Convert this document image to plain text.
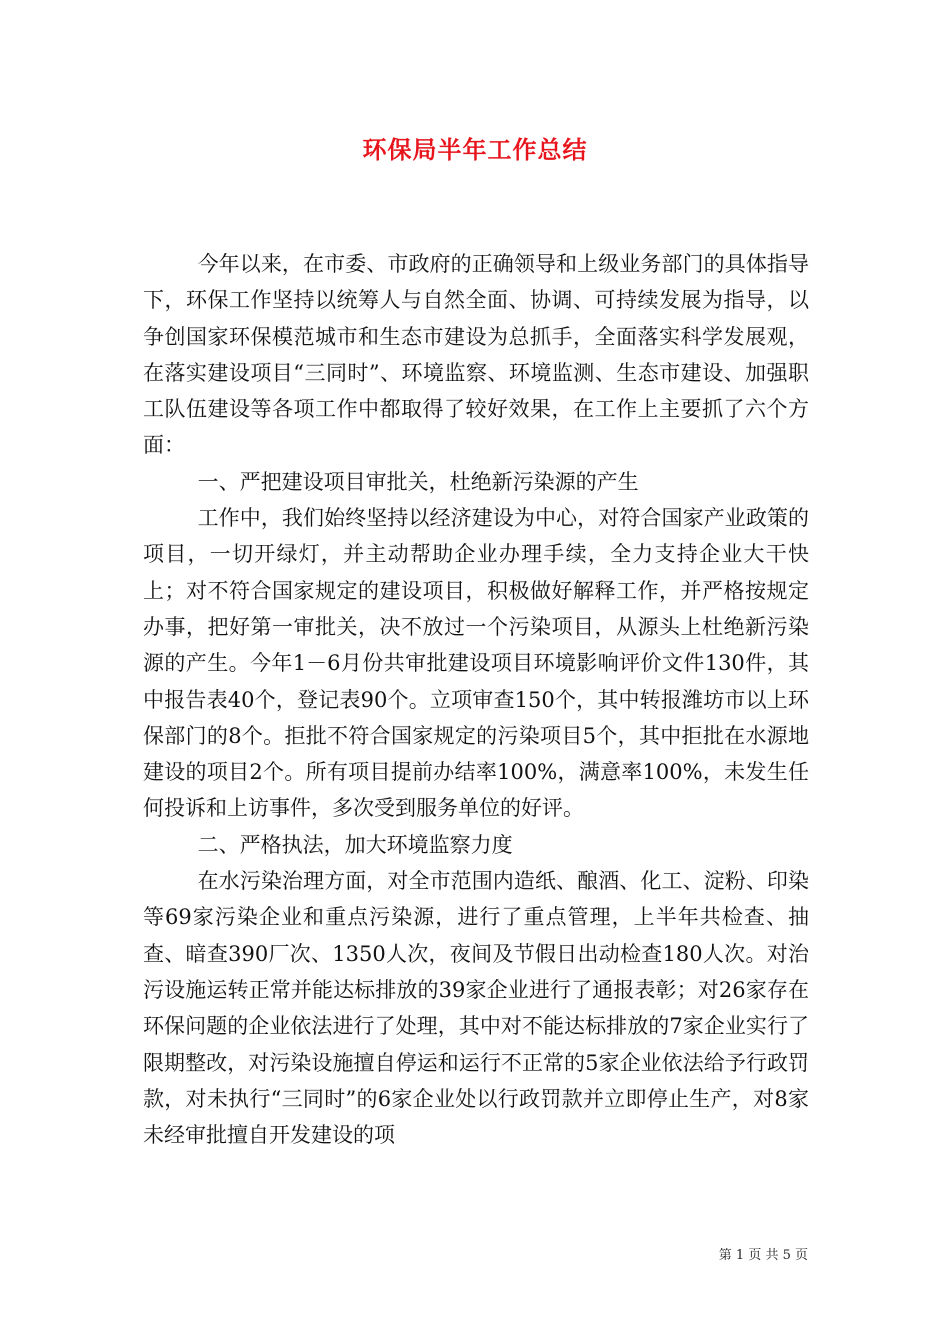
环保局半年工作总结

今年以来，在市委、市政府的正确领导和上级业务部门的具体指导下，环保工作坚持以统筹人与自然全面、协调、可持续发展为指导，以争创国家环保模范城市和生态市建设为总抓手，全面落实科学发展观，在落实建设项目“三同时”、环境监察、环境监测、生态市建设、加强职工队伍建设等各项工作中都取得了较好效果，在工作上主要抓了六个方面：

一、严把建设项目审批关，杜绝新污染源的产生

工作中，我们始终坚持以经济建设为中心，对符合国家产业政策的项目，一切开绿灯，并主动帮助企业办理手续，全力支持企业大干快上；对不符合国家规定的建设项目，积极做好解释工作，并严格按规定办事，把好第一审批关，决不放过一个污染项目，从源头上杜绝新污染源的产生。今年1－6月份共审批建设项目环境影响评价文件130件，其中报告表40个，登记表90个。立项审查150个，其中转报潍坊市以上环保部门的8个。拒批不符合国家规定的污染项目5个，其中拒批在水源地建设的项目2个。所有项目提前办结率100%，满意率100%，未发生任何投诉和上访事件，多次受到服务单位的好评。

二、严格执法，加大环境监察力度

在水污染治理方面，对全市范围内造纸、酿酒、化工、淀粉、印染等69家污染企业和重点污染源，进行了重点管理，上半年共检查、抽查、暗查390厂次、1350人次，夜间及节假日出动检查180人次。对治污设施运转正常并能达标排放的39家企业进行了通报表彰；对26家存在环保问题的企业依法进行了处理，其中对不能达标排放的7家企业实行了限期整改，对污染设施擅自停运和运行不正常的5家企业依法给予行政罚款，对未执行“三同时”的6家企业处以行政罚款并立即停止生产，对8家未经审批擅自开发建设的项

第 1 页 共 5 页
